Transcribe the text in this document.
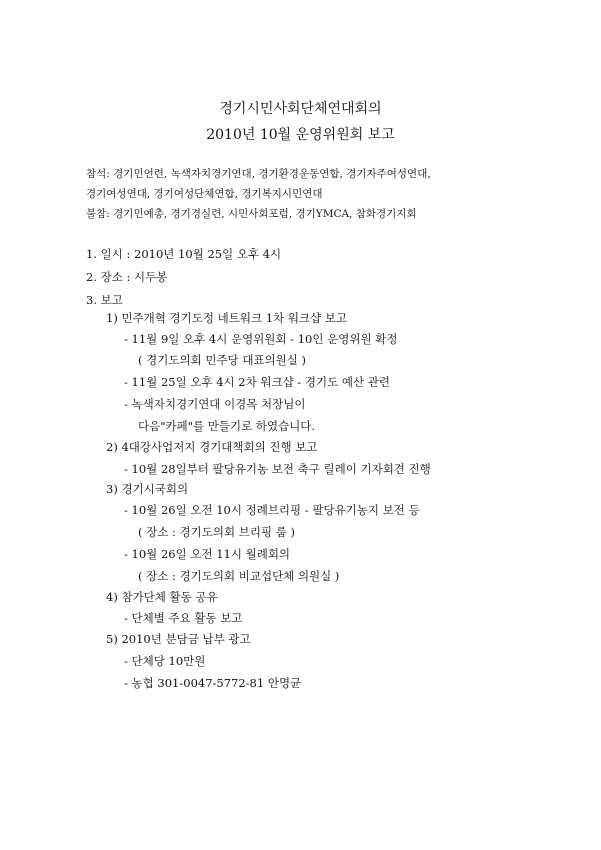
경기시민사회단체연대회의
2010년 10월 운영위원회 보고
참석: 경기민언련, 녹색자치경기연대, 경기환경운동연합, 경기자주여성연대,
경기여성연대, 경기여성단체연합, 경기복지시민연대
불참: 경기민예총, 경기경실련, 시민사회포럼, 경기YMCA, 참화경기지회
1. 일시 : 2010년 10월 25일 오후 4시
2. 장소 : 시두봉
3. 보고
1) 민주개혁 경기도정 네트워크 1차 워크샵 보고
- 11월 9일 오후 4시 운영위원회 - 10인 운영위원 확정
( 경기도의회 민주당 대표의원실 )
- 11월 25일 오후 4시 2차 워크샵 - 경기도 예산 관련
- 녹색자치경기연대 이경목 처장님이
다음"카페"를 만들기로 하였습니다.
2) 4대강사업저지 경기대책회의 진행 보고
- 10월 28일부터 팔당유기농 보전 축구 릴레이 기자회견 진행
3) 경기시국회의
- 10월 26일 오전 10시 정례브리핑 - 팔당유기농지 보전 등
( 장소 : 경기도의회 브리핑 룸 )
- 10월 26일 오전 11시 월례회의
( 장소 : 경기도의회 비교섭단체 의원실 )
4) 참가단체 활동 공유
- 단체별 주요 활동 보고
5) 2010년 분담금 납부 광고
- 단체당 10만원
- 농협 301-0047-5772-81 안명균
